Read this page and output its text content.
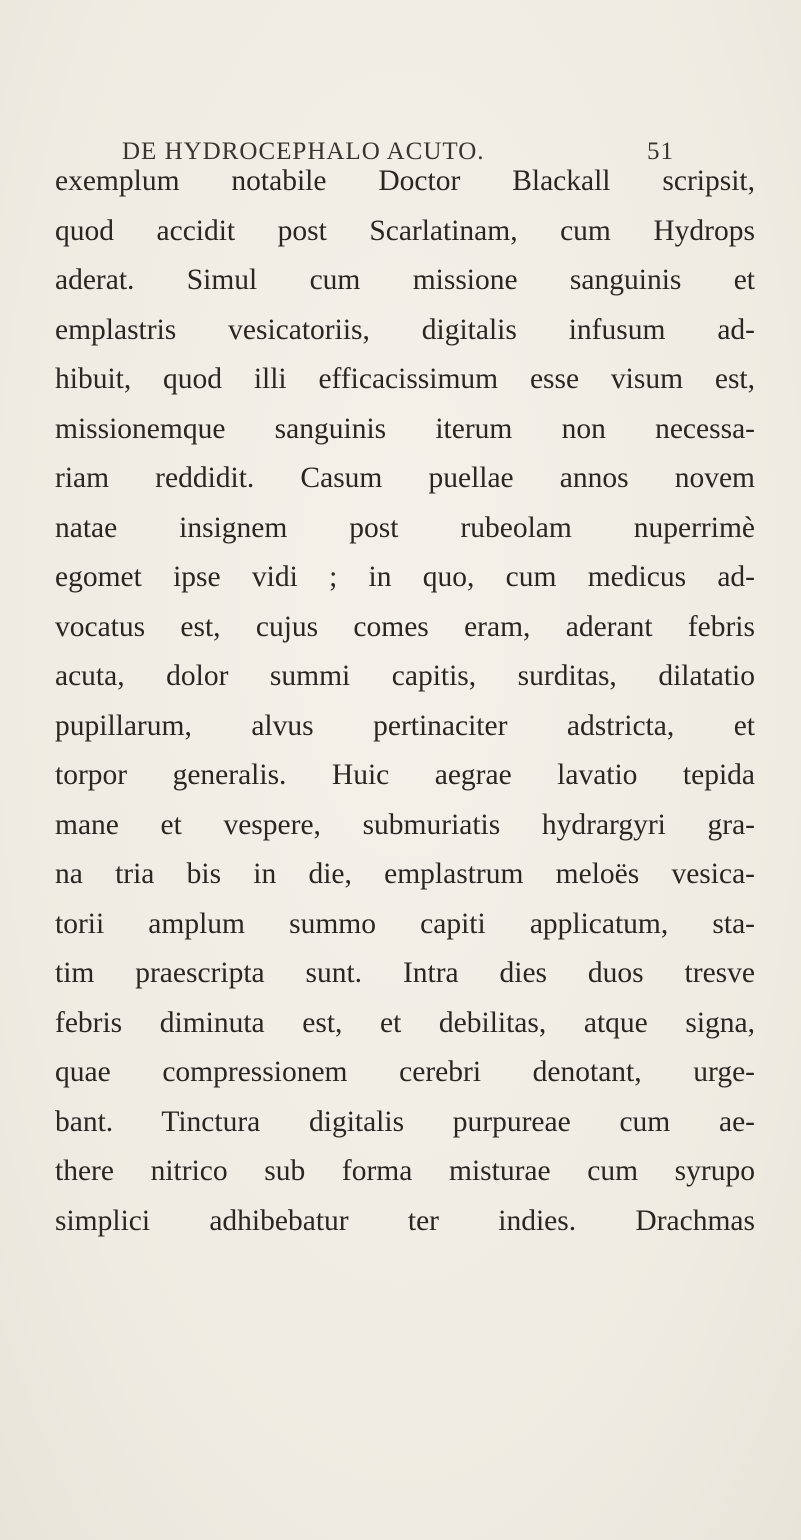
DE HYDROCEPHALO ACUTO.	51
exemplum notabile Doctor Blackall scripsit,
quod accidit post Scarlatinam, cum Hydrops
aderat. Simul cum missione sanguinis et
emplastris vesicatoriis, digitalis infusum ad-
hibuit, quod illi efficacissimum esse visum est,
missionemque sanguinis iterum non necessa-
riam reddidit. Casum puellae annos novem
natae insignem post rubeolam nuperrimè
egomet ipse vidi ; in quo, cum medicus ad-
vocatus est, cujus comes eram, aderant febris
acuta, dolor summi capitis, surditas, dilatatio
pupillarum, alvus pertinaciter adstricta, et
torpor generalis. Huic aegrae lavatio tepida
mane et vespere, submuriatis hydrargyri gra-
na tria bis in die, emplastrum meloës vesica-
torii amplum summo capiti applicatum, sta-
tim praescripta sunt. Intra dies duos tresve
febris diminuta est, et debilitas, atque signa,
quae compressionem cerebri denotant, urge-
bant. Tinctura digitalis purpureae cum ae-
there nitrico sub forma misturae cum syrupo
simplici adhibebatur ter indies. Drachmas
